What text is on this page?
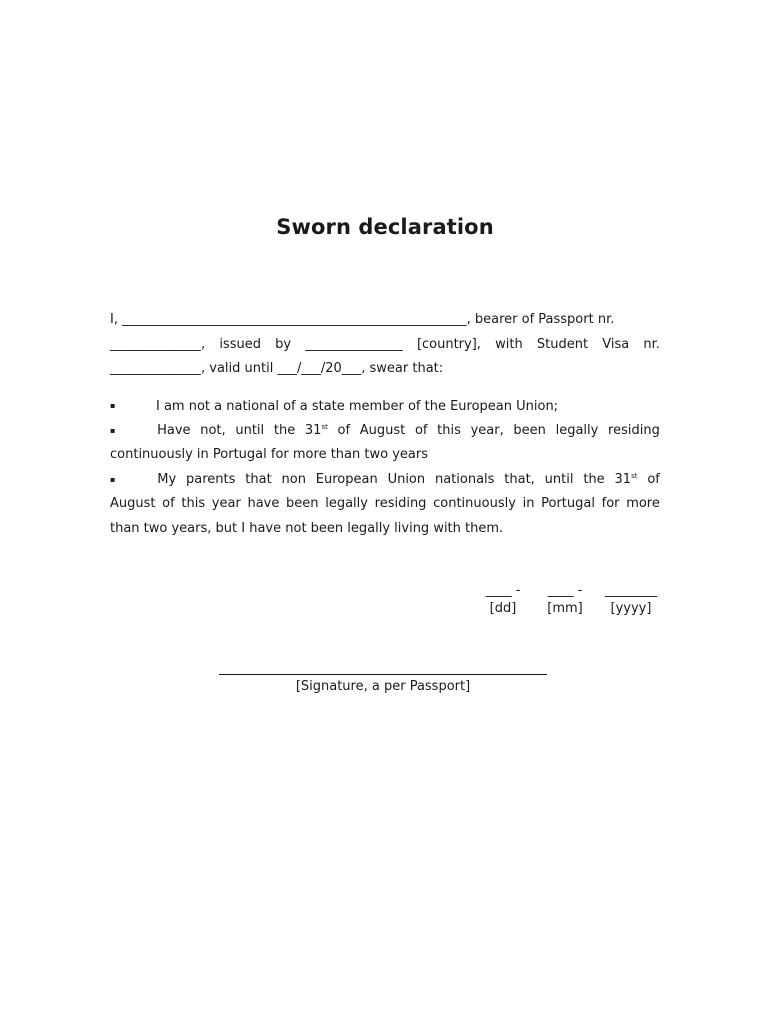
Sworn declaration
I, _____________________________________________________, bearer of Passport nr.
______________, issued by _______________ [country], with Student Visa nr.
______________, valid until ___/___/20___, swear that:
▪	I am not a national of a state member of the European Union;
▪	Have not, until the 31st of August of this year, been legally residing
continuously in Portugal for more than two years
▪	My parents that non European Union nationals that, until the 31st of
August of this year have been legally residing continuously in Portugal for more
than two years, but I have not been legally living with them.
____ -
[dd]
____ -
[mm]
________
[yyyy]
[Signature, a per Passport]
